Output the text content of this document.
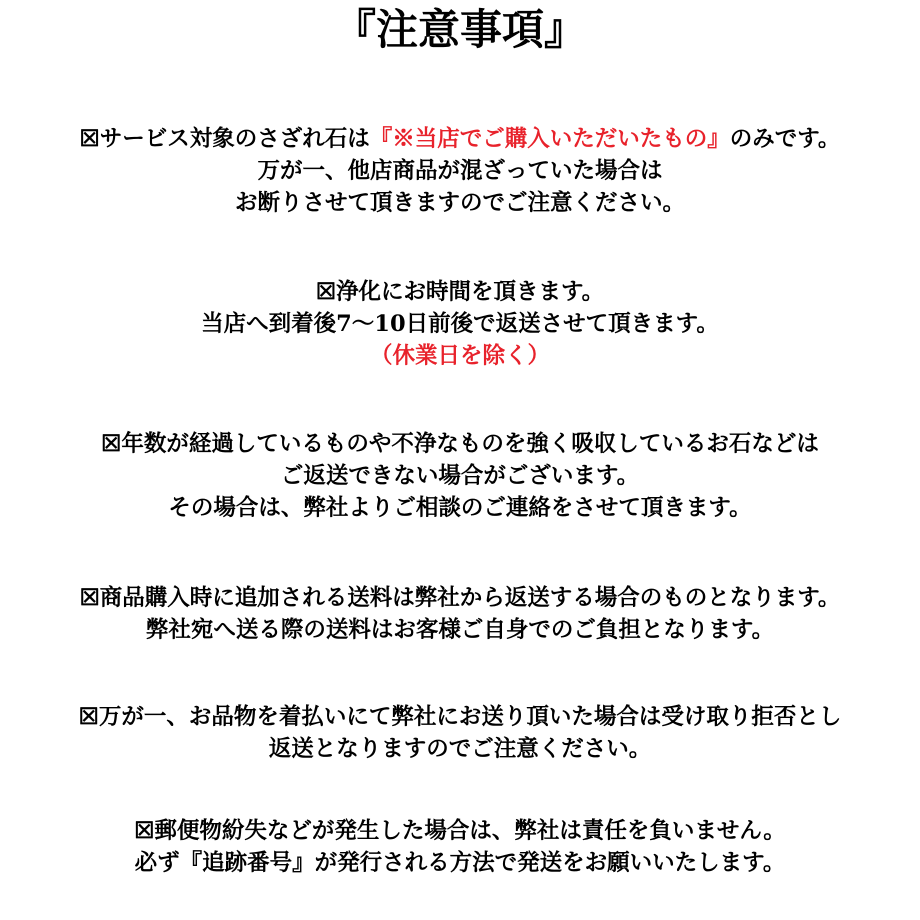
『注意事項』
☒サービス対象のさざれ石は『※当店でご購入いただいたもの』のみです。
万が一、他店商品が混ざっていた場合は
お断りさせて頂きますのでご注意ください。
☒浄化にお時間を頂きます。
当店へ到着後7～10日前後で返送させて頂きます。
（休業日を除く）
☒年数が経過しているものや不浄なものを強く吸収しているお石などは
ご返送できない場合がございます。
その場合は、弊社よりご相談のご連絡をさせて頂きます。
☒商品購入時に追加される送料は弊社から返送する場合のものとなります。
弊社宛へ送る際の送料はお客様ご自身でのご負担となります。
☒万が一、お品物を着払いにて弊社にお送り頂いた場合は受け取り拒否とし
返送となりますのでご注意ください。
☒郵便物紛失などが発生した場合は、弊社は責任を負いません。
必ず『追跡番号』が発行される方法で発送をお願いいたします。
